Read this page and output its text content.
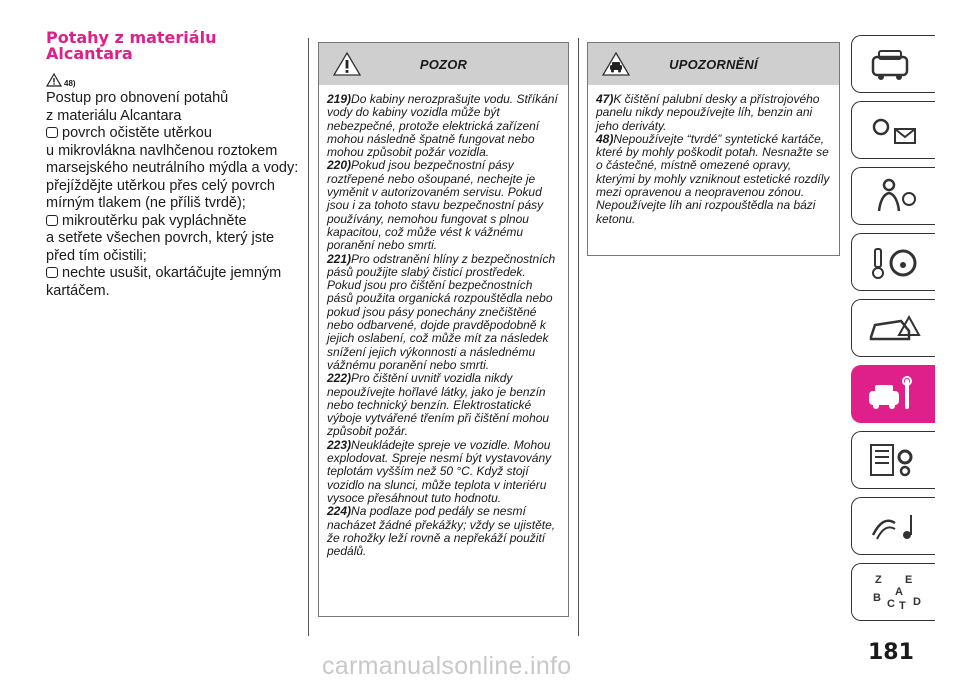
Potahy z materiálu
Alcantara
48)
Postup pro obnovení potahů
z materiálu Alcantara
povrch očistěte utěrkou
u mikrovlákna navlhčenou roztokem
marsejského neutrálního mýdla a vody:
přejíždějte utěrkou přes celý povrch
mírným tlakem (ne příliš tvrdě);
mikroutěrku pak vypláchněte
a setřete všechen povrch, který jste
před tím očistili;
nechte usušit, okartáčujte jemným
kartáčem.
POZOR

219)Do kabiny nerozprašujte vodu. Stříkání vody do kabiny vozidla může být nebezpečné, protože elektrická zařízení mohou následně špatně fungovat nebo mohou způsobit požár vozidla.

220)Pokud jsou bezpečnostní pásy roztřepené nebo ošoupané, nechejte je vyměnit v autorizovaném servisu. Pokud jsou i za tohoto stavu bezpečnostní pásy používány, nemohou fungovat s plnou kapacitou, což může vést k vážnému poranění nebo smrti.

221)Pro odstranění hlíny z bezpečnostních pásů použijte slabý čisticí prostředek. Pokud jsou pro čištění bezpečnostních pásů použita organická rozpouštědla nebo pokud jsou pásy ponechány znečištěné nebo odbarvené, dojde pravděpodobně k jejich oslabení, což může mít za následek snížení jejich výkonnosti a následnému vážnému poranění nebo smrti.

222)Pro čištění uvnitř vozidla nikdy nepoužívejte hořlavé látky, jako je benzín nebo technický benzín. Elektrostatické výboje vytvářené třením při čištění mohou způsobit požár.

223)Neukládejte spreje ve vozidle. Mohou explodovat. Spreje nesmí být vystavovány teplotám vyšším než 50 °C. Když stojí vozidlo na slunci, může teplota v interiéru vysoce přesáhnout tuto hodnotu.

224)Na podlaze pod pedály se nesmí nacházet žádné překážky; vždy se ujistěte, že rohožky leží rovně a nepřekáží použití pedálů.

UPOZORNĚNÍ

47)K čištění palubní desky a přístrojového panelu nikdy nepoužívejte líh, benzin ani jeho deriváty.

48)Nepoužívejte “tvrdé” syntetické kartáče, které by mohly poškodit potah. Nesnažte se o částečné, místně omezené opravy, kterými by mohly vzniknout estetické rozdíly mezi opravenou a neopravenou zónou. Nepoužívejte líh ani rozpouštědla na bázi ketonu.

Z E
A
B C T D
181
carmanualsonline.info
